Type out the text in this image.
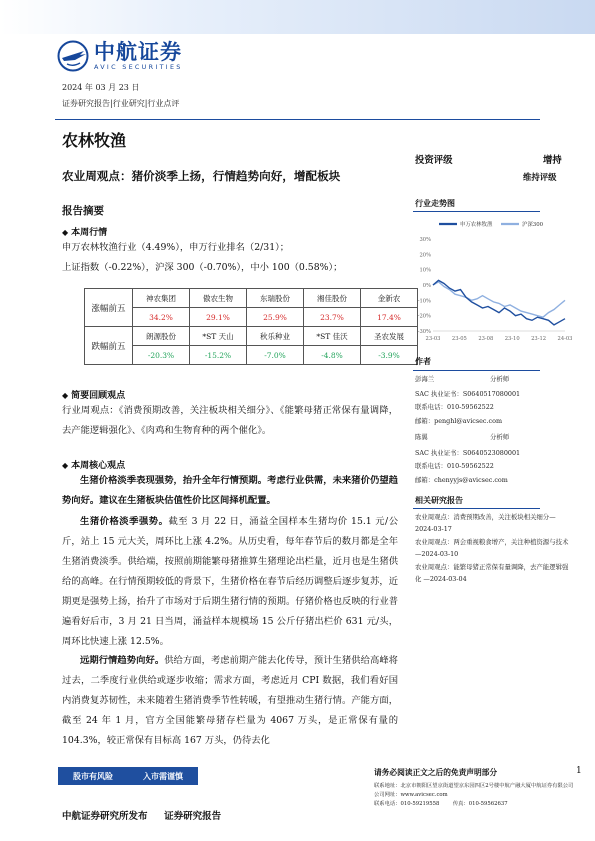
中航证券
AVIC SECURITIES
2024 年 03 月 23 日
证券研究报告|行业研究|行业点评
农林牧渔
农业周观点：猪价淡季上扬，行情趋势向好，增配板块
报告摘要
◆ 本周行情
申万农林牧渔行业（4.49%），申万行业排名（2/31）；
上证指数（-0.22%），沪深 300（-0.70%），中小 100（0.58%）；
涨幅前五	神农集团	傲农生物	东瑞股份	湘佳股份	金新农
	34.2%	29.1%	25.9%	23.7%	17.4%
跌幅前五	朗源股份	*ST 天山	秋乐种业	*ST 佳沃	圣农发展
	-20.3%	-15.2%	-7.0%	-4.8%	-3.9%
◆ 简要回顾观点
行业周观点：《消费预期改善，关注板块相关细分》、《能繁母猪正常保有量调降，去产能逻辑强化》、《肉鸡和生物育种的两个催化》。
◆ 本周核心观点
生猪价格淡季表现强势，抬升全年行情预期。考虑行业供需，未来猪价仍望趋势向好。建议在生猪板块估值性价比区间择机配置。
生猪价格淡季强势。截至 3 月 22 日，涌益全国样本生猪均价 15.1 元/公斤，站上 15 元大关，周环比上涨 4.2%。从历史看，每年春节后的数月都是全年生猪消费淡季。供给端，按照前期能繁母猪推算生猪理论出栏量，近月也是生猪供给的高峰。在行情预期较低的背景下，生猪价格在春节后经历调整后逐步复苏，近期更是强势上扬，抬升了市场对于后期生猪行情的预期。仔猪价格也反映的行业普遍看好后市，3 月 21 日当周，涌益样本规模场 15 公斤仔猪出栏价 631 元/头，周环比快速上涨 12.5%。
远期行情趋势向好。供给方面，考虑前期产能去化传导，预计生猪供给高峰将过去，二季度行业供给或逐步收缩；需求方面，考虑近月 CPI 数据，我们看好国内消费复苏韧性，未来随着生猪消费季节性转暖，有望推动生猪行情。产能方面，截至 24 年 1 月，官方全国能繁母猪存栏量为 4067 万头，是正常保有量的 104.3%，较正常保有目标高 167 万头，仍待去化
投资评级	增持
维持评级
行业走势图
申万农林牧渔	沪深300
30%
20%
10%
0%
-10%
-20%
-30%
23-03 23-05 23-08 23-10 23-12 24-03
作者
彭海兰	分析师
SAC 执业证书：S0640517080001
联系电话：010-59562522
邮箱：penghl@avicsec.com
陈翼	分析师
SAC 执业证书：S0640523080001
联系电话：010-59562522
邮箱：chenyyjs@avicsec.com
相关研究报告
农业周观点：消费预期改善，关注板块相关细分—2024-03-17
农业周观点：两会重视粮食增产，关注种植资源与技术 —2024-03-10
农业周观点：能繁母猪正常保有量调降，去产能逻辑强化 —2024-03-04
股市有风险	入市需谨慎	请务必阅读正文之后的免责声明部分	1
联系地址：北京市朝阳区望京街道望京东园四区2号楼中航产融大厦中航证券有限公司
公司网址：www.avicsec.com
联系电话：010-59219558	传真：010-59562637
中航证券研究所发布 证券研究报告
